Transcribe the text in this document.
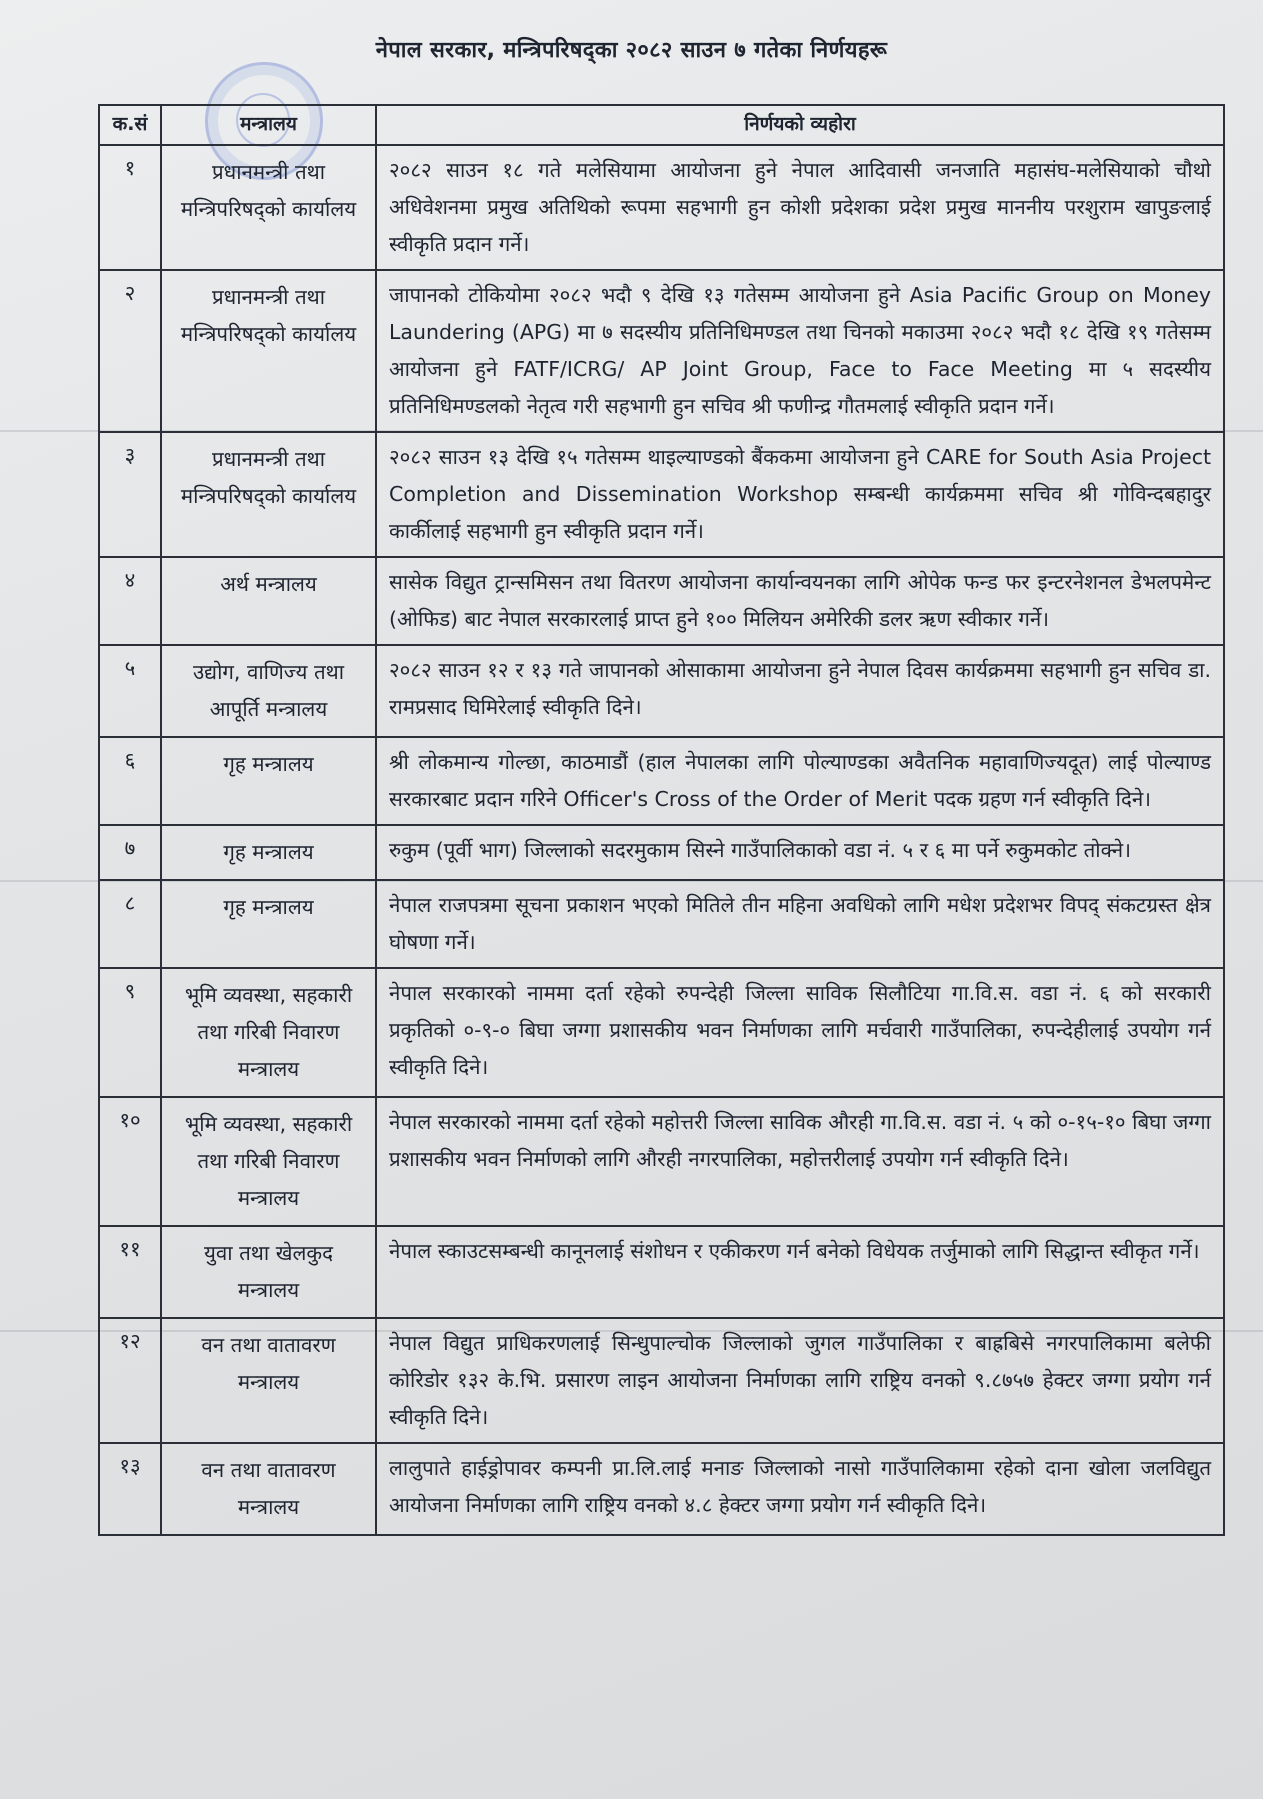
नेपाल सरकार, मन्त्रिपरिषद्का २०८२ साउन ७ गतेका निर्णयहरू
क.सं	मन्त्रालय	निर्णयको व्यहोरा
१	प्रधानमन्त्री तथा मन्त्रिपरिषद्को कार्यालय	२०८२ साउन १८ गते मलेसियामा आयोजना हुने नेपाल आदिवासी जनजाति महासंघ-मलेसियाको चौथो अधिवेशनमा प्रमुख अतिथिको रूपमा सहभागी हुन कोशी प्रदेशका प्रदेश प्रमुख माननीय परशुराम खापुङलाई स्वीकृति प्रदान गर्ने।
२	प्रधानमन्त्री तथा मन्त्रिपरिषद्को कार्यालय	जापानको टोकियोमा २०८२ भदौ ९ देखि १३ गतेसम्म आयोजना हुने Asia Pacific Group on Money Laundering (APG) मा ७ सदस्यीय प्रतिनिधिमण्डल तथा चिनको मकाउमा २०८२ भदौ १८ देखि १९ गतेसम्म आयोजना हुने FATF/ICRG/ AP Joint Group, Face to Face Meeting मा ५ सदस्यीय प्रतिनिधिमण्डलको नेतृत्व गरी सहभागी हुन सचिव श्री फणीन्द्र गौतमलाई स्वीकृति प्रदान गर्ने।
३	प्रधानमन्त्री तथा मन्त्रिपरिषद्को कार्यालय	२०८२ साउन १३ देखि १५ गतेसम्म थाइल्याण्डको बैंककमा आयोजना हुने CARE for South Asia Project Completion and Dissemination Workshop सम्बन्धी कार्यक्रममा सचिव श्री गोविन्दबहादुर कार्कीलाई सहभागी हुन स्वीकृति प्रदान गर्ने।
४	अर्थ मन्त्रालय	सासेक विद्युत ट्रान्समिसन तथा वितरण आयोजना कार्यान्वयनका लागि ओपेक फन्ड फर इन्टरनेशनल डेभलपमेन्ट (ओफिड) बाट नेपाल सरकारलाई प्राप्त हुने १०० मिलियन अमेरिकी डलर ऋण स्वीकार गर्ने।
५	उद्योग, वाणिज्य तथा आपूर्ति मन्त्रालय	२०८२ साउन १२ र १३ गते जापानको ओसाकामा आयोजना हुने नेपाल दिवस कार्यक्रममा सहभागी हुन सचिव डा. रामप्रसाद घिमिरेलाई स्वीकृति दिने।
६	गृह मन्त्रालय	श्री लोकमान्य गोल्छा, काठमाडौं (हाल नेपालका लागि पोल्याण्डका अवैतनिक महावाणिज्यदूत) लाई पोल्याण्ड सरकारबाट प्रदान गरिने Officer's Cross of the Order of Merit पदक ग्रहण गर्न स्वीकृति दिने।
७	गृह मन्त्रालय	रुकुम (पूर्वी भाग) जिल्लाको सदरमुकाम सिस्ने गाउँपालिकाको वडा नं. ५ र ६ मा पर्ने रुकुमकोट तोक्ने।
८	गृह मन्त्रालय	नेपाल राजपत्रमा सूचना प्रकाशन भएको मितिले तीन महिना अवधिको लागि मधेश प्रदेशभर विपद् संकटग्रस्त क्षेत्र घोषणा गर्ने।
९	भूमि व्यवस्था, सहकारी तथा गरिबी निवारण मन्त्रालय	नेपाल सरकारको नाममा दर्ता रहेको रुपन्देही जिल्ला साविक सिलौटिया गा.वि.स. वडा नं. ६ को सरकारी प्रकृतिको ०-९-० बिघा जग्गा प्रशासकीय भवन निर्माणका लागि मर्चवारी गाउँपालिका, रुपन्देहीलाई उपयोग गर्न स्वीकृति दिने।
१०	भूमि व्यवस्था, सहकारी तथा गरिबी निवारण मन्त्रालय	नेपाल सरकारको नाममा दर्ता रहेको महोत्तरी जिल्ला साविक औरही गा.वि.स. वडा नं. ५ को ०-१५-१० बिघा जग्गा प्रशासकीय भवन निर्माणको लागि औरही नगरपालिका, महोत्तरीलाई उपयोग गर्न स्वीकृति दिने।
११	युवा तथा खेलकुद मन्त्रालय	नेपाल स्काउटसम्बन्धी कानूनलाई संशोधन र एकीकरण गर्न बनेको विधेयक तर्जुमाको लागि सिद्धान्त स्वीकृत गर्ने।
१२	वन तथा वातावरण मन्त्रालय	नेपाल विद्युत प्राधिकरणलाई सिन्धुपाल्चोक जिल्लाको जुगल गाउँपालिका र बाह्रबिसे नगरपालिकामा बलेफी कोरिडोर १३२ के.भि. प्रसारण लाइन आयोजना निर्माणका लागि राष्ट्रिय वनको ९.८७५७ हेक्टर जग्गा प्रयोग गर्न स्वीकृति दिने।
१३	वन तथा वातावरण मन्त्रालय	लालुपाते हाईड्रोपावर कम्पनी प्रा.लि.लाई मनाङ जिल्लाको नासो गाउँपालिकामा रहेको दाना खोला जलविद्युत आयोजना निर्माणका लागि राष्ट्रिय वनको ४.८ हेक्टर जग्गा प्रयोग गर्न स्वीकृति दिने।
